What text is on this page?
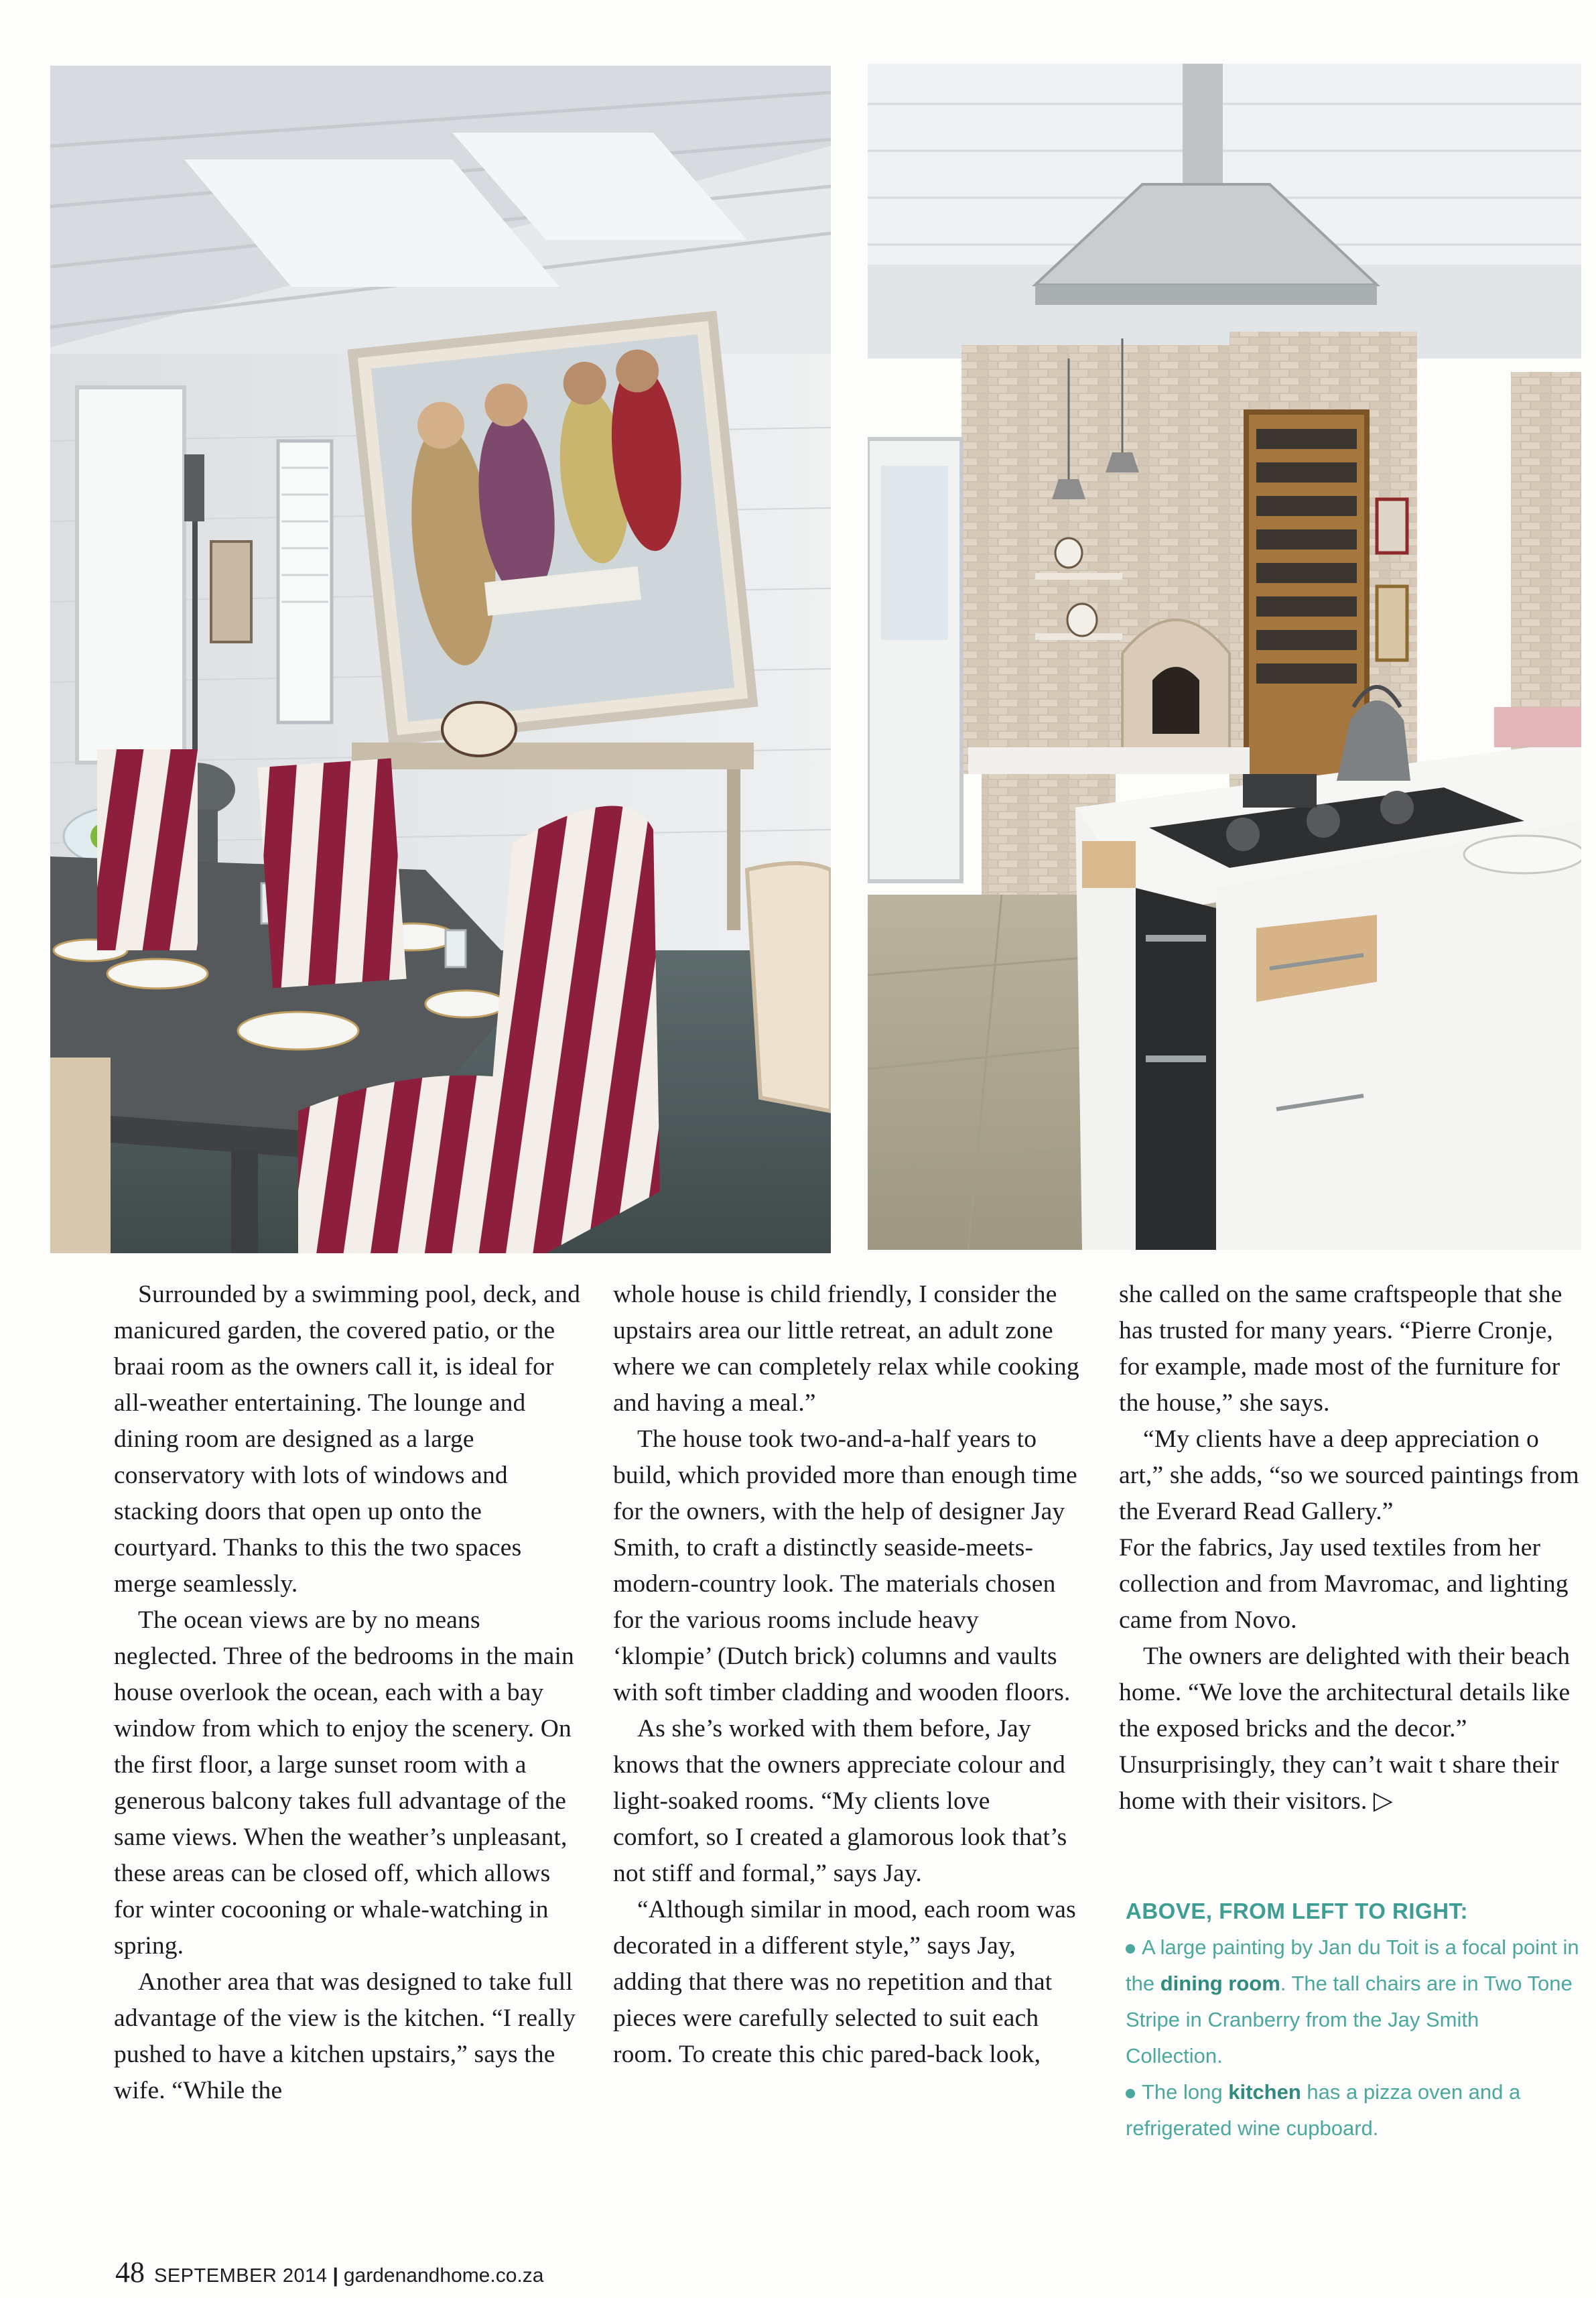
Surrounded by a swimming pool, deck, and manicured garden, the covered patio, or the braai room as the owners call it, is ideal for all-weather entertaining. The lounge and dining room are designed as a large conservatory with lots of windows and stacking doors that open up onto the courtyard. Thanks to this the two spaces merge seamlessly.

The ocean views are by no means neglected. Three of the bedrooms in the main house overlook the ocean, each with a bay window from which to enjoy the scenery. On the first floor, a large sunset room with a generous balcony takes full advantage of the same views. When the weather’s unpleasant, these areas can be closed off, which allows for winter cocooning or whale-watching in spring.

Another area that was designed to take full advantage of the view is the kitchen. “I really pushed to have a kitchen upstairs,” says the wife. “While the

whole house is child friendly, I consider the upstairs area our little retreat, an adult zone where we can completely relax while cooking and having a meal.”

The house took two-and-a-half years to build, which provided more than enough time for the owners, with the help of designer Jay Smith, to craft a distinctly seaside-meets-modern-country look. The materials chosen for the various rooms include heavy ‘klompie’ (Dutch brick) columns and vaults with soft timber cladding and wooden floors.

As she’s worked with them before, Jay knows that the owners appreciate colour and light-soaked rooms. “My clients love comfort, so I created a glamorous look that’s not stiff and formal,” says Jay.

“Although similar in mood, each room was decorated in a different style,” says Jay, adding that there was no repetition and that pieces were carefully selected to suit each room. To create this chic pared-back look,

she called on the same craftspeople that she has trusted for many years. “Pierre Cronje, for example, made most of the furniture for the house,” she says.

“My clients have a deep appreciation o art,” she adds, “so we sourced paintings from the Everard Read Gallery.”

For the fabrics, Jay used textiles from her collection and from Mavromac, and lighting came from Novo.

The owners are delighted with their beach home. “We love the architectural details like the exposed bricks and the decor.” Unsurprisingly, they can’t wait t share their home with their visitors. ▷

ABOVE, FROM LEFT TO RIGHT:
A large painting by Jan du Toit is a focal point in the dining room. The tall chairs are in Two Tone Stripe in Cranberry from the Jay Smith Collection.
The long kitchen has a pizza oven and a refrigerated wine cupboard.
48 SEPTEMBER 2014 | gardenandhome.co.za
